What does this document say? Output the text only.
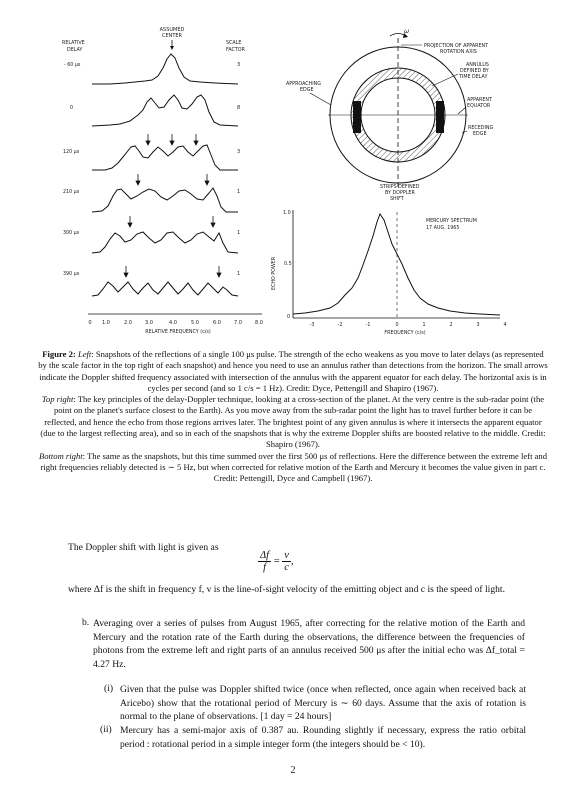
ASSUMED
CENTER
RELATIVE
DELAY
SCALE
FACTOR
- 60 μs
0
120 μs
210 μs
300 μs
390 μs
3
8
3
1
1
1
0 1.0	2.0	3.0	4.0	5.0	6.0	7.0	8.0
RELATIVE FREQUENCY (c/s)
ω
APPROACHING
EDGE
PROJECTION OF APPARENT
ROTATION AXIS
ANNULUS
DEFINED BY
TIME DELAY
APPARENT
EQUATOR
RECEDING
EDGE
STRIPS DEFINED
BY DOPPLER
SHIFT
ECHO POWER
1.0
0.5
0
MERCURY SPECTRUM
17 AUG. 1965
-3	-2	-1	0	1	2	3	4
FREQUENCY (c/s)

Figure 2: Left: Snapshots of the reflections of a single 100 μs pulse. The strength of the echo weakens as you move to later delays (as represented by the scale factor in the top right of each snapshot) and hence you need to use an annulus rather than detections from the horizon. The small arrows indicate the Doppler shifted frequency associated with intersection of the annulus with the apparent equator for each delay. The horizontal axis is in cycles per second (and so 1 c/s = 1 Hz). Credit: Dyce, Pettengill and Shapiro (1967).

Top right: The key principles of the delay-Doppler technique, looking at a cross-section of the planet. At the very centre is the sub-radar point (the point on the planet's surface closest to the Earth). As you move away from the sub-radar point the light has to travel further before it can be reflected, and hence the echo from those regions arrives later. The brightest point of any given annulus is where it intersects the apparent equator (due to the largest reflecting area), and so in each of the snapshots that is why the extreme Doppler shifts are boosted relative to the middle. Credit: Shapiro (1967).

Bottom right: The same as the snapshots, but this time summed over the first 500 μs of reflections. Here the difference between the extreme left and right frequencies reliably detected is ∼ 5 Hz, but when corrected for relative motion of the Earth and Mercury it becomes the value given in part c. Credit: Pettengill, Dyce and Campbell (1967).

The Doppler shift with light is given as
$\frac{\Delta f}{f} = \frac{v}{c}$ ,
where Δf is the shift in frequency f, v is the line-of-sight velocity of the emitting object and c is the speed of light.
b. Averaging over a series of pulses from August 1965, after correcting for the relative motion of the Earth and Mercury and the rotation rate of the Earth during the observations, the difference between the frequencies of photons from the extreme left and right parts of an annulus received 500 μs after the initial echo was Δf_total = 4.27 Hz.
(i) Given that the pulse was Doppler shifted twice (once when reflected, once again when received back at Aricebo) show that the rotational period of Mercury is ∼ 60 days. Assume that the axis of rotation is normal to the plane of observations. [1 day = 24 hours]
(ii) Mercury has a semi-major axis of 0.387 au. Rounding slightly if necessary, express the ratio orbital period : rotational period in a simple integer form (the integers should be < 10).
2
